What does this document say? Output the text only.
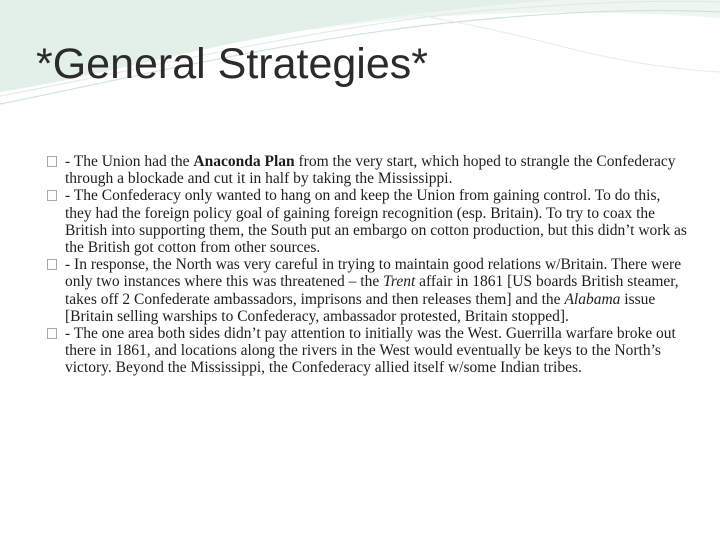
*General Strategies*
- The Union had the Anaconda Plan from the very start, which hoped to strangle the Confederacy through a blockade and cut it in half by taking the Mississippi.
- The Confederacy only wanted to hang on and keep the Union from gaining control. To do this, they had the foreign policy goal of gaining foreign recognition (esp. Britain). To try to coax the British into supporting them, the South put an embargo on cotton production, but this didn’t work as the British got cotton from other sources.
- In response, the North was very careful in trying to maintain good relations w/Britain. There were only two instances where this was threatened – the Trent affair in 1861 [US boards British steamer, takes off 2 Confederate ambassadors, imprisons and then releases them] and the Alabama issue [Britain selling warships to Confederacy, ambassador protested, Britain stopped].
- The one area both sides didn’t pay attention to initially was the West. Guerrilla warfare broke out there in 1861, and locations along the rivers in the West would eventually be keys to the North’s victory. Beyond the Mississippi, the Confederacy allied itself w/some Indian tribes.
